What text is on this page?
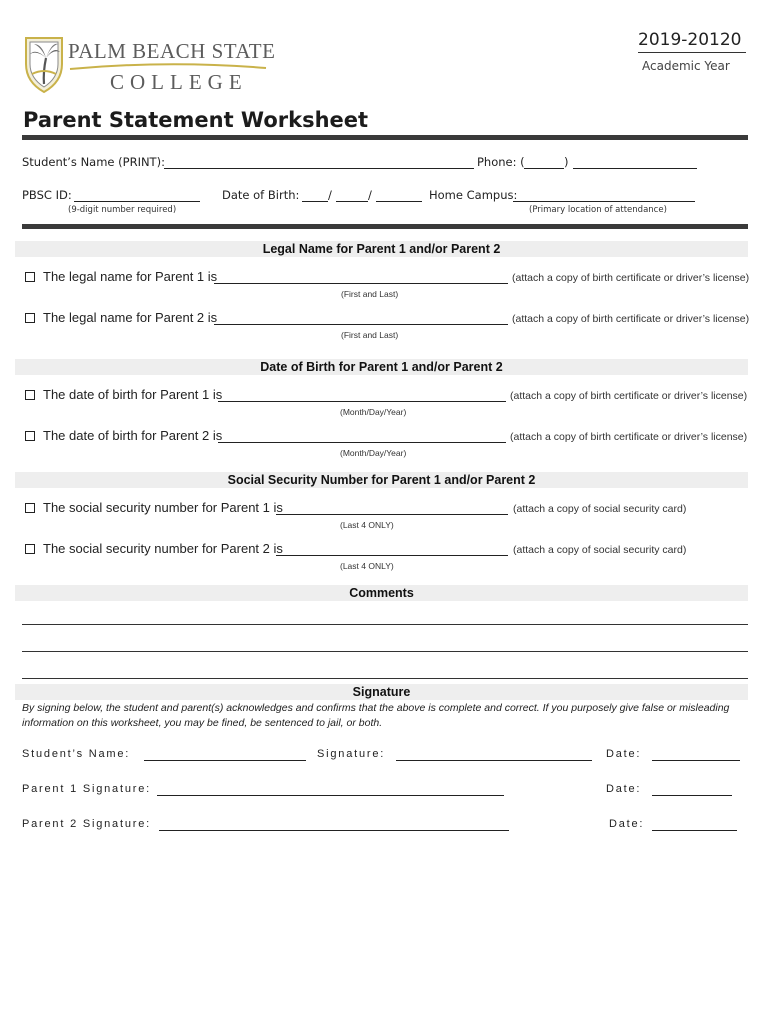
PALM BEACH STATE
COLLEGE
2019-20120
Academic Year
Parent Statement Worksheet
Student’s Name (PRINT):	Phone: (	)
PBSC ID:
(9-digit number required)
Date of Birth: /	/	Home Campus:
(Primary location of attendance)
Legal Name for Parent 1 and/or Parent 2
The legal name for Parent 1 is	(attach a copy of birth certificate or driver’s license)
(First and Last)
The legal name for Parent 2 is	(attach a copy of birth certificate or driver’s license)
(First and Last)
Date of Birth for Parent 1 and/or Parent 2
The date of birth for Parent 1 is	(attach a copy of birth certificate or driver’s license)
(Month/Day/Year)
The date of birth for Parent 2 is	(attach a copy of birth certificate or driver’s license)
(Month/Day/Year)
Social Security Number for Parent 1 and/or Parent 2
The social security number for Parent 1 is	(attach a copy of social security card)
(Last 4 ONLY)
The social security number for Parent 2 is	(attach a copy of social security card)
(Last 4 ONLY)
Comments
Signature
By signing below, the student and parent(s) acknowledges and confirms that the above is complete and correct. If you purposely give false or misleading information on this worksheet, you may be fined, be sentenced to jail, or both.
Student’s Name:	Signature:	Date:
Parent 1 Signature:	Date:
Parent 2 Signature:	Date:
